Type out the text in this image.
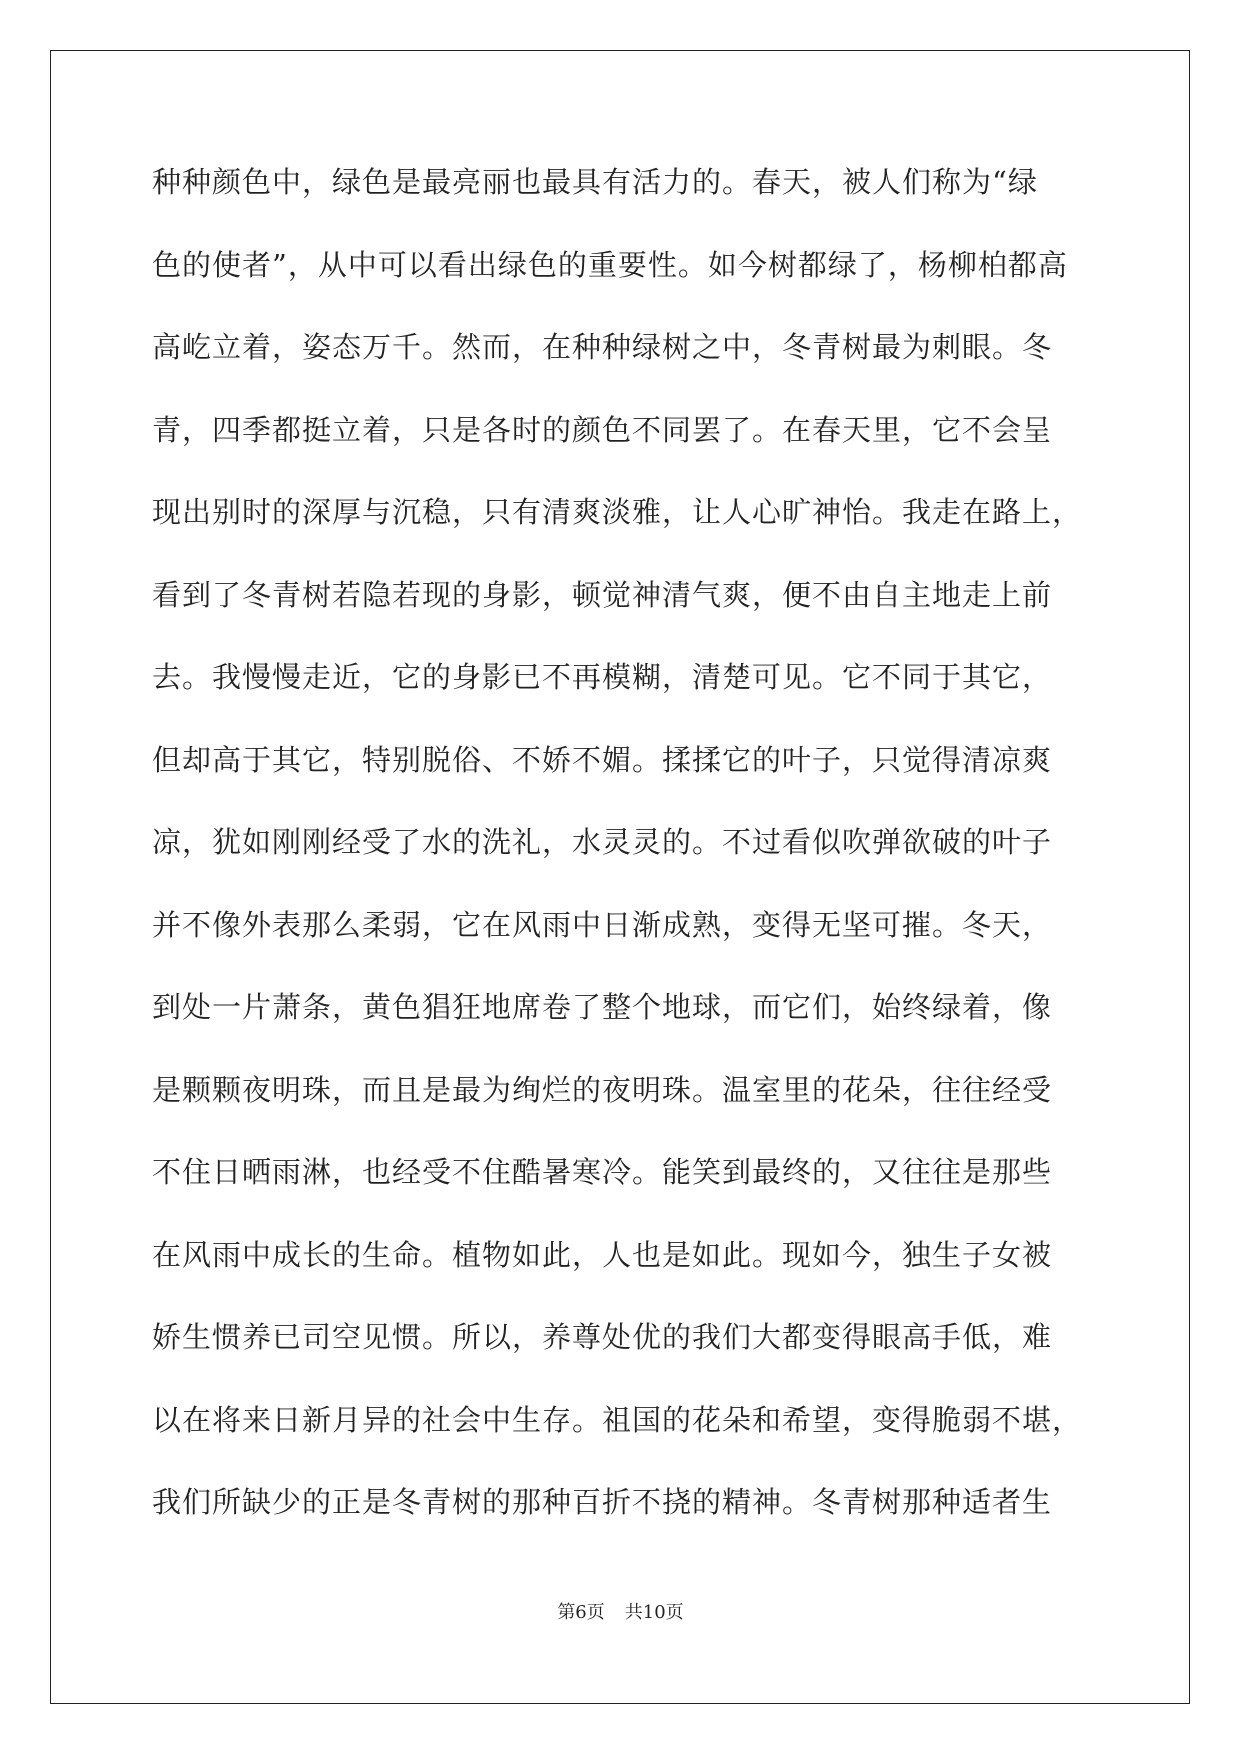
种种颜色中，绿色是最亮丽也最具有活力的。春天，被人们称为“绿
色的使者”，从中可以看出绿色的重要性。如今树都绿了，杨柳柏都高
高屹立着，姿态万千。然而，在种种绿树之中，冬青树最为刺眼。冬
青，四季都挺立着，只是各时的颜色不同罢了。在春天里，它不会呈
现出别时的深厚与沉稳，只有清爽淡雅，让人心旷神怡。我走在路上，
看到了冬青树若隐若现的身影，顿觉神清气爽，便不由自主地走上前
去。我慢慢走近，它的身影已不再模糊，清楚可见。它不同于其它，
但却高于其它，特别脱俗、不娇不媚。揉揉它的叶子，只觉得清凉爽
凉，犹如刚刚经受了水的洗礼，水灵灵的。不过看似吹弹欲破的叶子
并不像外表那么柔弱，它在风雨中日渐成熟，变得无坚可摧。冬天，
到处一片萧条，黄色猖狂地席卷了整个地球，而它们，始终绿着，像
是颗颗夜明珠，而且是最为绚烂的夜明珠。温室里的花朵，往往经受
不住日晒雨淋，也经受不住酷暑寒冷。能笑到最终的，又往往是那些
在风雨中成长的生命。植物如此，人也是如此。现如今，独生子女被
娇生惯养已司空见惯。所以，养尊处优的我们大都变得眼高手低，难
以在将来日新月异的社会中生存。祖国的花朵和希望，变得脆弱不堪，
我们所缺少的正是冬青树的那种百折不挠的精神。冬青树那种适者生
第6页 共10页
